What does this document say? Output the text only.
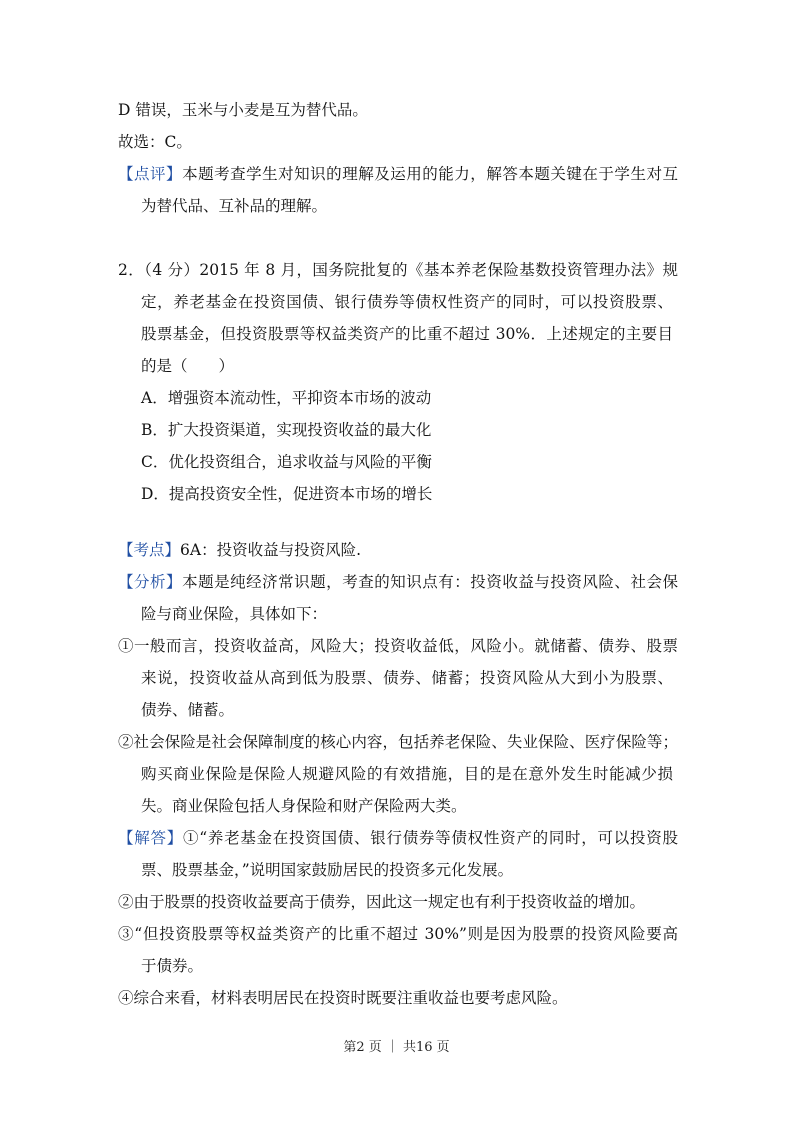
D 错误，玉米与小麦是互为替代品。
故选：C。
【点评】本题考查学生对知识的理解及运用的能力，解答本题关键在于学生对互
为替代品、互补品的理解。
2．（4 分）2015 年 8 月，国务院批复的《基本养老保险基数投资管理办法》规
定，养老基金在投资国债、银行债券等债权性资产的同时，可以投资股票、
股票基金，但投资股票等权益类资产的比重不超过 30%．上述规定的主要目
的是（　　）
A．增强资本流动性，平抑资本市场的波动
B．扩大投资渠道，实现投资收益的最大化
C．优化投资组合，追求收益与风险的平衡
D．提高投资安全性，促进资本市场的增长
【考点】6A：投资收益与投资风险.
【分析】本题是纯经济常识题，考查的知识点有：投资收益与投资风险、社会保
险与商业保险，具体如下：
①一般而言，投资收益高，风险大；投资收益低，风险小。就储蓄、债券、股票
来说，投资收益从高到低为股票、债券、储蓄；投资风险从大到小为股票、
债券、储蓄。
②社会保险是社会保障制度的核心内容，包括养老保险、失业保险、医疗保险等；
购买商业保险是保险人规避风险的有效措施，目的是在意外发生时能减少损
失。商业保险包括人身保险和财产保险两大类。
【解答】①“养老基金在投资国债、银行债券等债权性资产的同时，可以投资股
票、股票基金，”说明国家鼓励居民的投资多元化发展。
②由于股票的投资收益要高于债券，因此这一规定也有利于投资收益的增加。
③“但投资股票等权益类资产的比重不超过 30%”则是因为股票的投资风险要高
于债券。
④综合来看，材料表明居民在投资时既要注重收益也要考虑风险。
第2 页 ｜ 共16 页
